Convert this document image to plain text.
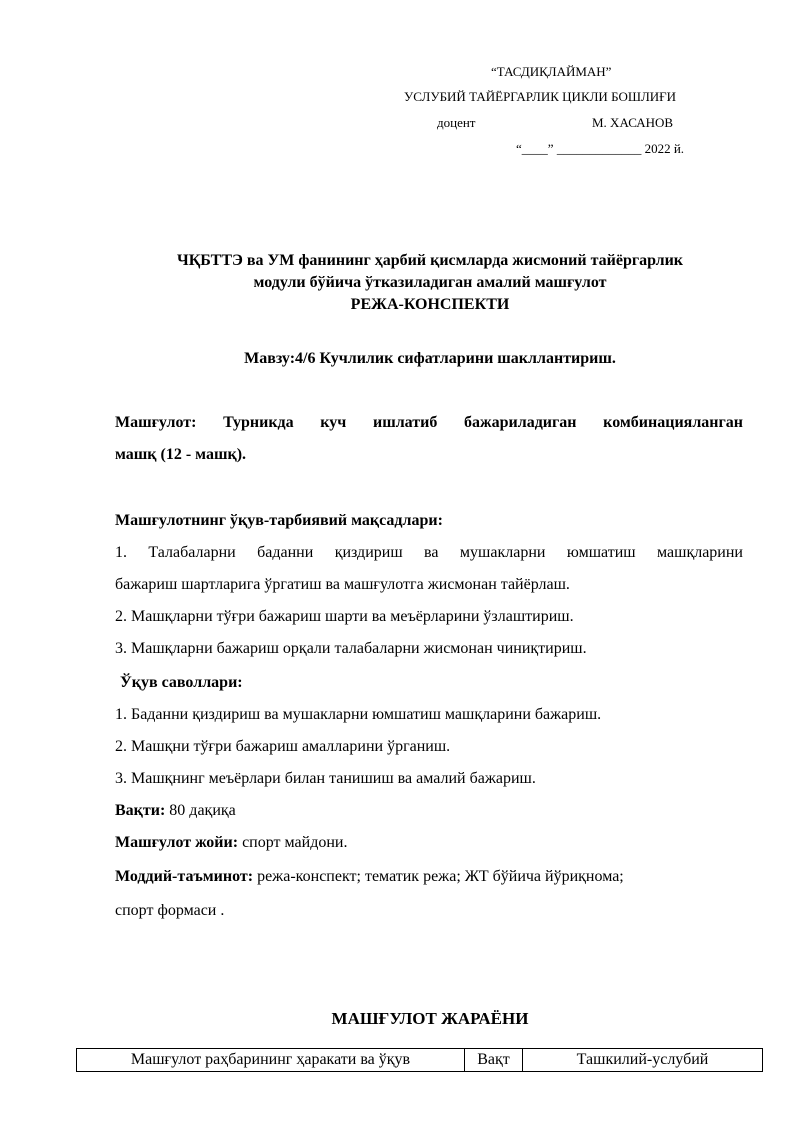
“ТАСДИҚЛАЙМАН”
УСЛУБИЙ ТАЙЁРГАРЛИК ЦИКЛИ БОШЛИҒИ
доцент	М. ХАСАНОВ
“____” _____________ 2022 й.
ЧҚБТТЭ ва УМ фанининг ҳарбий қисмларда жисмоний тайёргарлик
модули бўйича ўтказиладиган амалий машғулот
РЕЖА-КОНСПЕКТИ
Мавзу:4/6 Кучлилик сифатларини шакллантириш.
Машғулот: Турникда куч ишлатиб бажариладиган комбинацияланган
машқ (12 - машқ).
Машғулотнинг ўқув-тарбиявий мақсадлари:
1. Талабаларни баданни қиздириш ва мушакларни юмшатиш машқларини
бажариш шартларига ўргатиш ва машғулотга жисмонан тайёрлаш.
2. Машқларни тўғри бажариш шарти ва меъёрларини ўзлаштириш.
3. Машқларни бажариш орқали талабаларни жисмонан чиниқтириш.
Ўқув саволлари:
1. Баданни қиздириш ва мушакларни юмшатиш машқларини бажариш.
2. Машқни тўғри бажариш амалларини ўрганиш.
3. Машқнинг меъёрлари билан танишиш ва амалий бажариш.
Вақти: 80 дақиқа
Машғулот жойи: спорт майдони.
Моддий-таъминот: режа-конспект; тематик режа; ЖТ бўйича йўриқнома;
спорт формаси .
МАШҒУЛОТ ЖАРАЁНИ
Машғулот раҳбарининг ҳаракати ва ўқув	Вақт	Ташкилий-услубий
